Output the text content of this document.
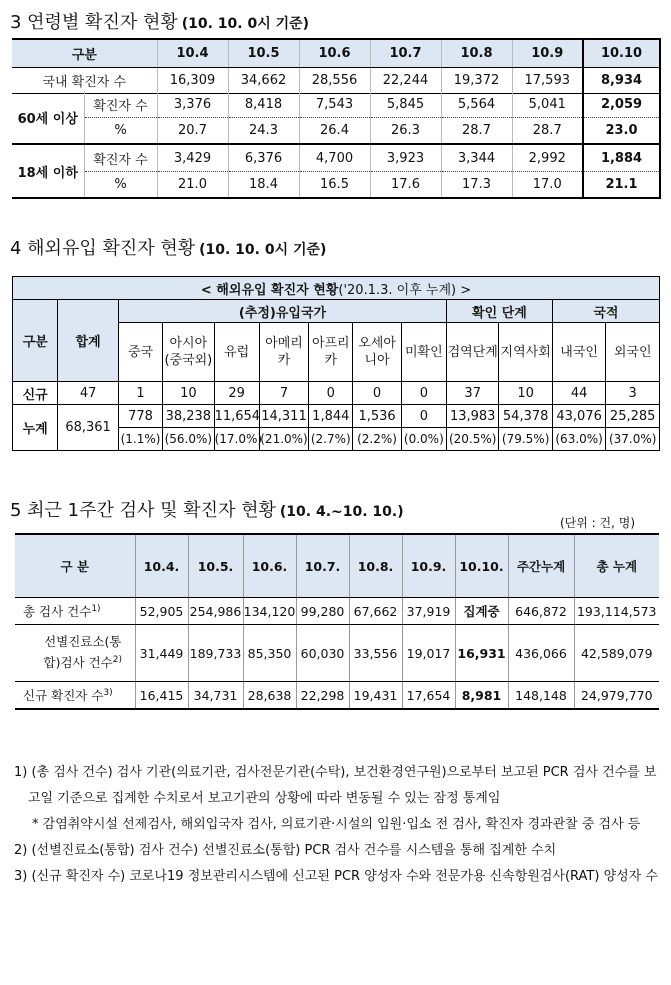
3 연령별 확진자 현황 (10. 10. 0시 기준)
구분	10.4	10.5	10.6	10.7	10.8	10.9	10.10
국내 확진자 수	16,309	34,662	28,556	22,244	19,372	17,593	8,934
60세 이상	확진자 수	3,376	8,418	7,543	5,845	5,564	5,041	2,059
	%	20.7	24.3	26.4	26.3	28.7	28.7	23.0
18세 이하	확진자 수	3,429	6,376	4,700	3,923	3,344	2,992	1,884
	%	21.0	18.4	16.5	17.6	17.3	17.0	21.1
4 해외유입 확진자 현황 (10. 10. 0시 기준)
< 해외유입 확진자 현황('20.1.3. 이후 누계) >												
구분	합계	(추정)유입국가							확인 단계		국적	
		중국	아시아(중국외)	유럽	아메리카	아프리카	오세아니아	미확인	검역단계	지역사회	내국인	외국인
신규	47	1	10	29	7	0	0	0	37	10	44	3
누계	68,361	778	38,238	11,654	14,311	1,844	1,536	0	13,983	54,378	43,076	25,285
		(1.1%)	(56.0%)	(17.0%)	(21.0%)	(2.7%)	(2.2%)	(0.0%)	(20.5%)	(79.5%)	(63.0%)	(37.0%)
5 최근 1주간 검사 및 확진자 현황 (10. 4.~10. 10.)
(단위 : 건, 명)
구 분	10.4.	10.5.	10.6.	10.7.	10.8.	10.9.	10.10.	주간누계	총 누계
총 검사 건수$^{1)}$	52,905	254,986	134,120	99,280	67,662	37,919	집계중	646,872	193,114,573
선별진료소(통합)검사 건수$^{2)}$	31,449	189,733	85,350	60,030	33,556	19,017	16,931	436,066	42,589,079
신규 확진자 수$^{3)}$	16,415	34,731	28,638	22,298	19,431	17,654	8,981	148,148	24,979,770

1) (총 검사 건수) 검사 기관(의료기관, 검사전문기관(수탁), 보건환경연구원)으로부터 보고된 PCR 검사 건수를 보고일 기준으로 집계한 수치로서 보고기관의 상황에 따라 변동될 수 있는 잠정 통계임

* 감염취약시설 선제검사, 해외입국자 검사, 의료기관·시설의 입원·입소 전 검사, 확진자 경과관찰 중 검사 등

2) (선별진료소(통합) 검사 건수) 선별진료소(통합) PCR 검사 건수를 시스템을 통해 집계한 수치

3) (신규 확진자 수) 코로나19 정보관리시스템에 신고된 PCR 양성자 수와 전문가용 신속항원검사(RAT) 양성자 수
